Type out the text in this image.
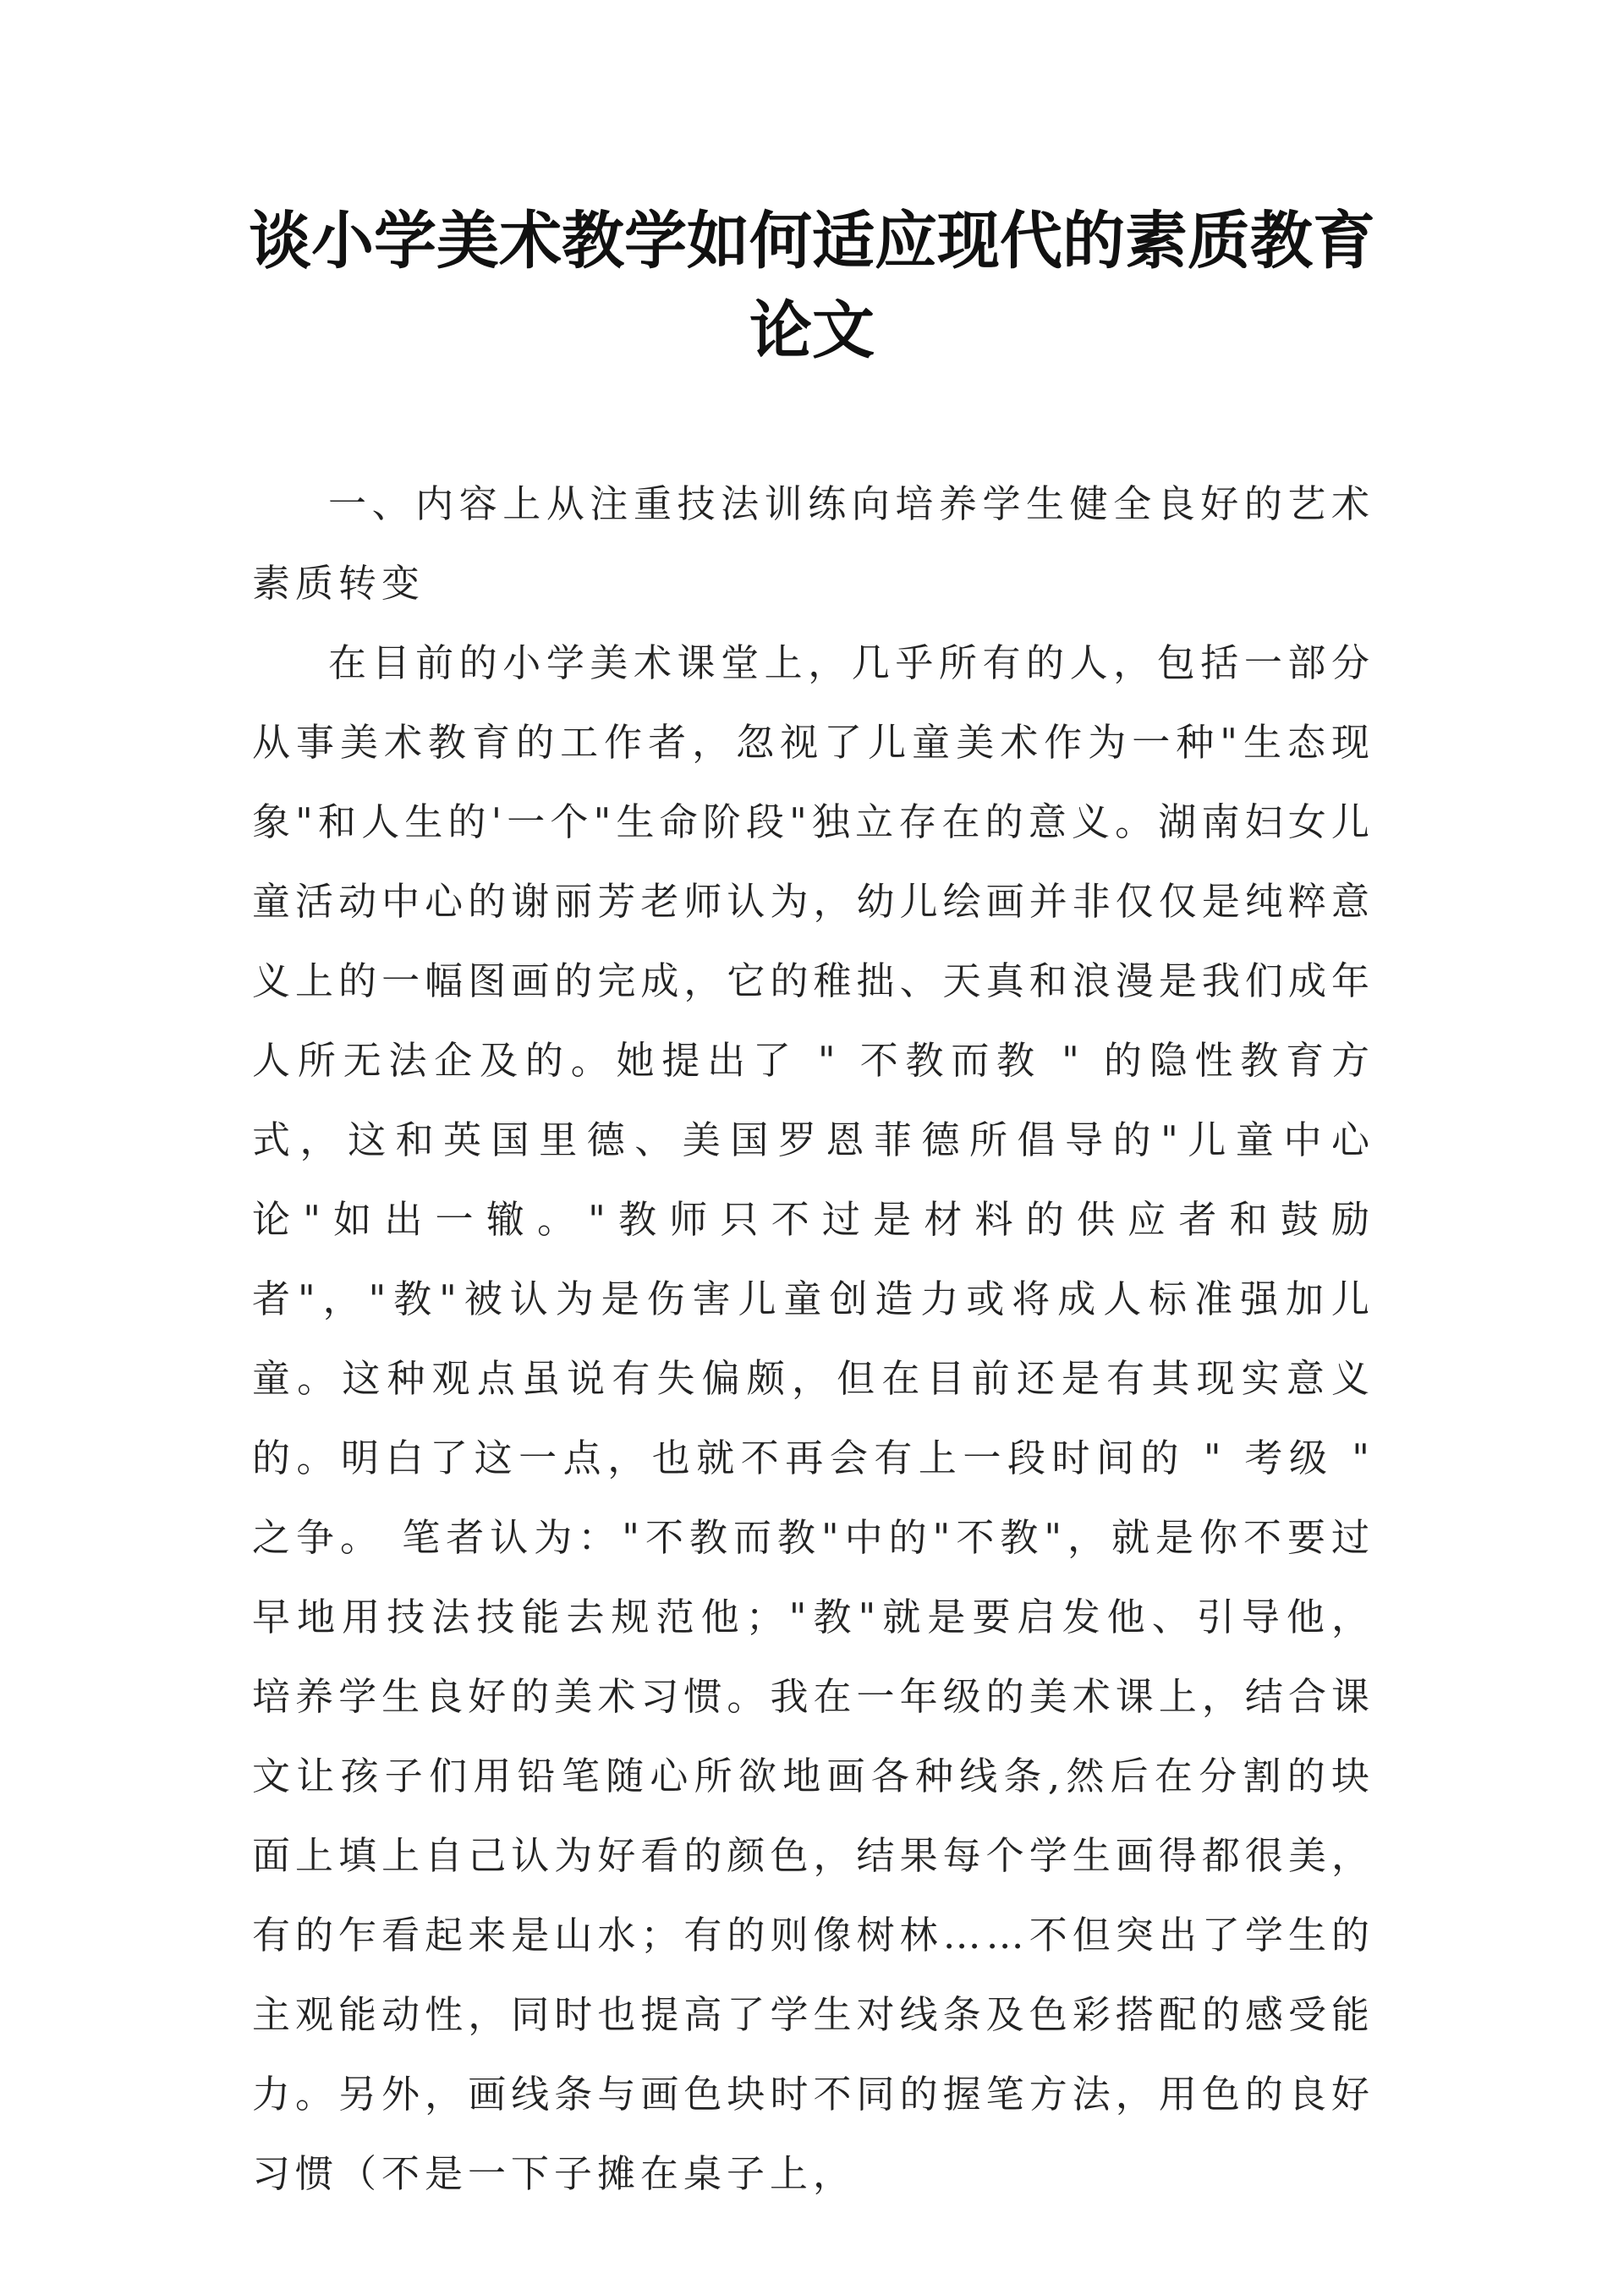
谈小学美术教学如何适应现代的素质教育
论文

一、内容上从注重技法训练向培养学生健全良好的艺术素质转变

在目前的小学美术课堂上，几乎所有的人，包括一部分从事美术教育的工作者，忽视了儿童美术作为一种"生态现象"和人生的'一个"生命阶段"独立存在的意义。湖南妇女儿童活动中心的谢丽芳老师认为，幼儿绘画并非仅仅是纯粹意义上的一幅图画的完成，它的稚拙、天真和浪漫是我们成年人所无法企及的。她提出了 " 不教而教 " 的隐性教育方式，这和英国里德、美国罗恩菲德所倡导的"儿童中心论"如出一辙。"教师只不过是材料的供应者和鼓励者"，"教"被认为是伤害儿童创造力或将成人标准强加儿童。这种观点虽说有失偏颇，但在目前还是有其现实意义 的。明白了这一点，也就不再会有上一段时间的 " 考级 " 之争。 笔者认为："不教而教"中的"不教"，就是你不要过早地用技法技能去规范他；"教"就是要启发他、引导他，培养学生良好的美术习惯。我在一年级的美术课上，结合课文让孩子们用铅笔随心所欲地画各种线条,然后在分割的块面上填上自己认为好看的颜色，结果每个学生画得都很美，有的乍看起来是山水；有的则像树林……不但突出了学生的主观能动性，同时也提高了学生对线条及色彩搭配的感受能力。另外，画线条与画色块时不同的握笔方法，用色的良好习惯（不是一下子摊在桌子上，
